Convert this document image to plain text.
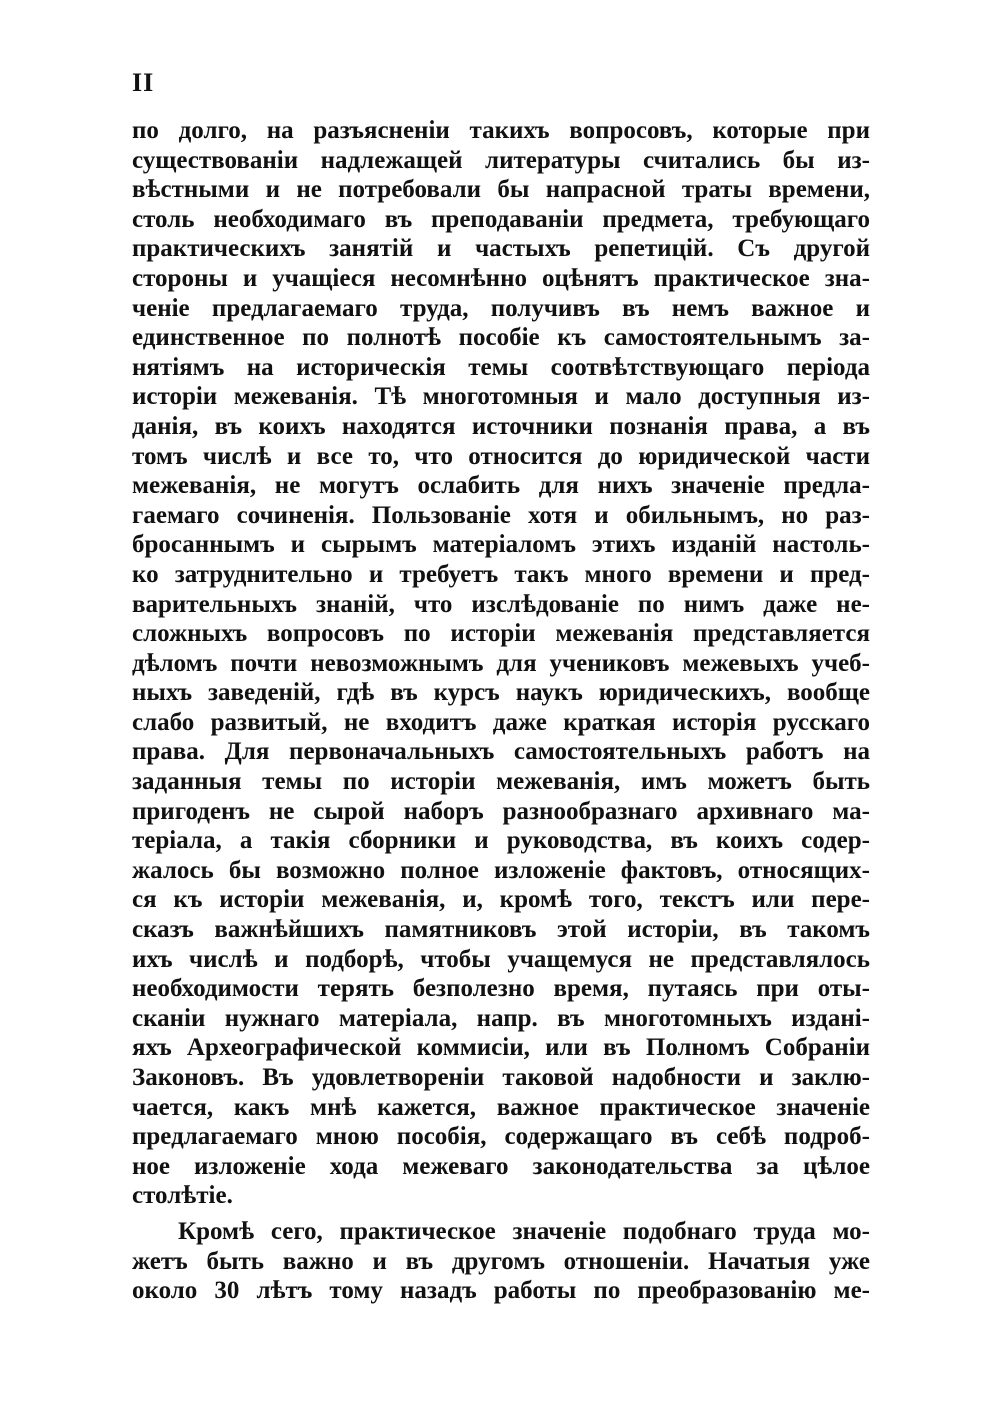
II
по долго, на разъясненіи такихъ вопросовъ, которые при
существованіи надлежащей литературы считались бы из-
вѣстными и не потребовали бы напрасной траты времени,
столь необходимаго въ преподаваніи предмета, требующаго
практическихъ занятій и частыхъ репетицій. Съ другой
стороны и учащіеся несомнѣнно оцѣнятъ практическое зна-
ченіе предлагаемаго труда, получивъ въ немъ важное и
единственное по полнотѣ пособіе къ самостоятельнымъ за-
нятіямъ на историческія темы соотвѣтствующаго періода
исторіи межеванія. Тѣ многотомныя и мало доступныя из-
данія, въ коихъ находятся источники познанія права, а въ
томъ числѣ и все то, что относится до юридической части
межеванія, не могутъ ослабить для нихъ значеніе предла-
гаемаго сочиненія. Пользованіе хотя и обильнымъ, но раз-
бросаннымъ и сырымъ матеріаломъ этихъ изданій настоль-
ко затруднительно и требуетъ такъ много времени и пред-
варительныхъ знаній, что изслѣдованіе по нимъ даже не-
сложныхъ вопросовъ по исторіи межеванія представляется
дѣломъ почти невозможнымъ для учениковъ межевыхъ учеб-
ныхъ заведеній, гдѣ въ курсъ наукъ юридическихъ, вообще
слабо развитый, не входитъ даже краткая исторія русскаго
права. Для первоначальныхъ самостоятельныхъ работъ на
заданныя темы по исторіи межеванія, имъ можетъ быть
пригоденъ не сырой наборъ разнообразнаго архивнаго ма-
теріала, а такія сборники и руководства, въ коихъ содер-
жалось бы возможно полное изложеніе фактовъ, относящих-
ся къ исторіи межеванія, и, кромѣ того, текстъ или пере-
сказъ важнѣйшихъ памятниковъ этой исторіи, въ такомъ
ихъ числѣ и подборѣ, чтобы учащемуся не представлялось
необходимости терять безполезно время, путаясь при оты-
сканіи нужнаго матеріала, напр. въ многотомныхъ изданi-
яхъ Археографической коммисіи, или въ Полномъ Собраніи
Законовъ. Въ удовлетвореніи таковой надобности и заклю-
чается, какъ мнѣ кажется, важное практическое значеніе
предлагаемаго мною пособія, содержащаго въ себѣ подроб-
ное изложеніе хода межеваго законодательства за цѣлое
столѣтіе.
Кромѣ сего, практическое значеніе подобнаго труда мо-
жетъ быть важно и въ другомъ отношеніи. Начатыя уже
около 30 лѣтъ тому назадъ работы по преобразованію ме-
